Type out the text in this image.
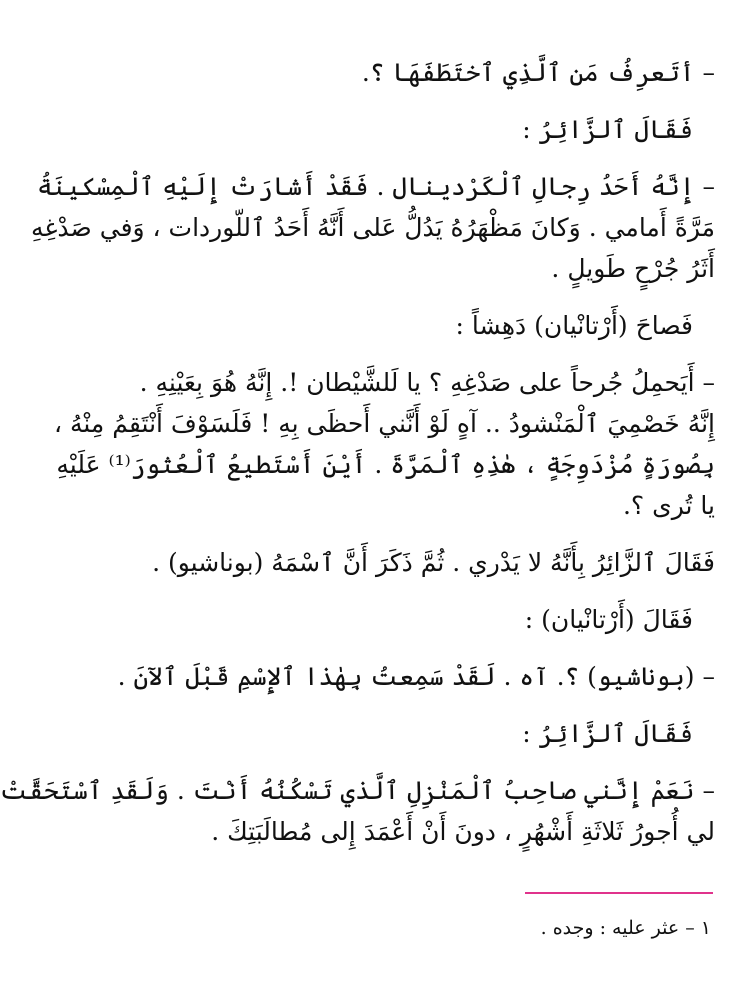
– أتَعرِفُ مَن ٱلَّذِي ٱختَطَفَهَا ؟.
فَقَالَ ٱلزَّائِرُ :
– إِنَّهُ أَحَدُ رِجالِ ٱلْكَرْدينال . فَقَدْ أَشارَتْ إِلَيْهِ ٱلْمِسْكينَةُ
مَرَّةً أَمامي . وَكانَ مَظْهَرُهُ يَدُلُّ عَلى أَنَّهُ أَحَدُ ٱللّوردات ، وَفي صَدْغِهِ
أَثَرُ جُرْحٍ طَويلٍ .
فَصاحَ (أَرْتانْيان) دَهِشاً :
– أَيَحمِلُ جُرحاً على صَدْغِهِ ؟ يا لَلشَّيْطان !. إِنَّهُ هُوَ بِعَيْنِهِ .
إِنَّهُ خَصْمِيَ ٱلْمَنْشودُ .. آهٍ لَوْ أَنَّني أَحظَى بِهِ ! فَلَسَوْفَ أَنْتَقِمُ مِنْهُ ،
بِصُورَةٍ مُزْدَوِجَةٍ ، هٰذِهِ ٱلْمَرَّةَ . أَيْنَ أَسْتَطيعُ ٱلْعُثورَ⁽¹⁾ عَلَيْهِ
يا تُرى ؟.
فَقَالَ ٱلزَّائِرُ بِأَنَّهُ لا يَدْري . ثُمَّ ذَكَرَ أَنَّ ٱسْمَهُ (بوناشيو) .
فَقَالَ (أَرْتانْيان) :
– (بوناشيو) ؟. آه . لَقَدْ سَمِعتُ بِهٰذا ٱلإِسْمِ قَبْلَ ٱلآنَ .
فَقَالَ ٱلزَّائِرُ :
– نَعَمْ إِنَّني صاحِبُ ٱلْمَنْزِلِ ٱلَّذي تَسْكُنُهُ أَنْتَ . وَلَقَدِ ٱسْتَحَقَّتْ
لي أُجورُ ثَلاثَةِ أَشْهُرٍ ، دونَ أَنْ أَعْمَدَ إِلى مُطالَبَتِكَ .
١ – عثر عليه : وجده .
